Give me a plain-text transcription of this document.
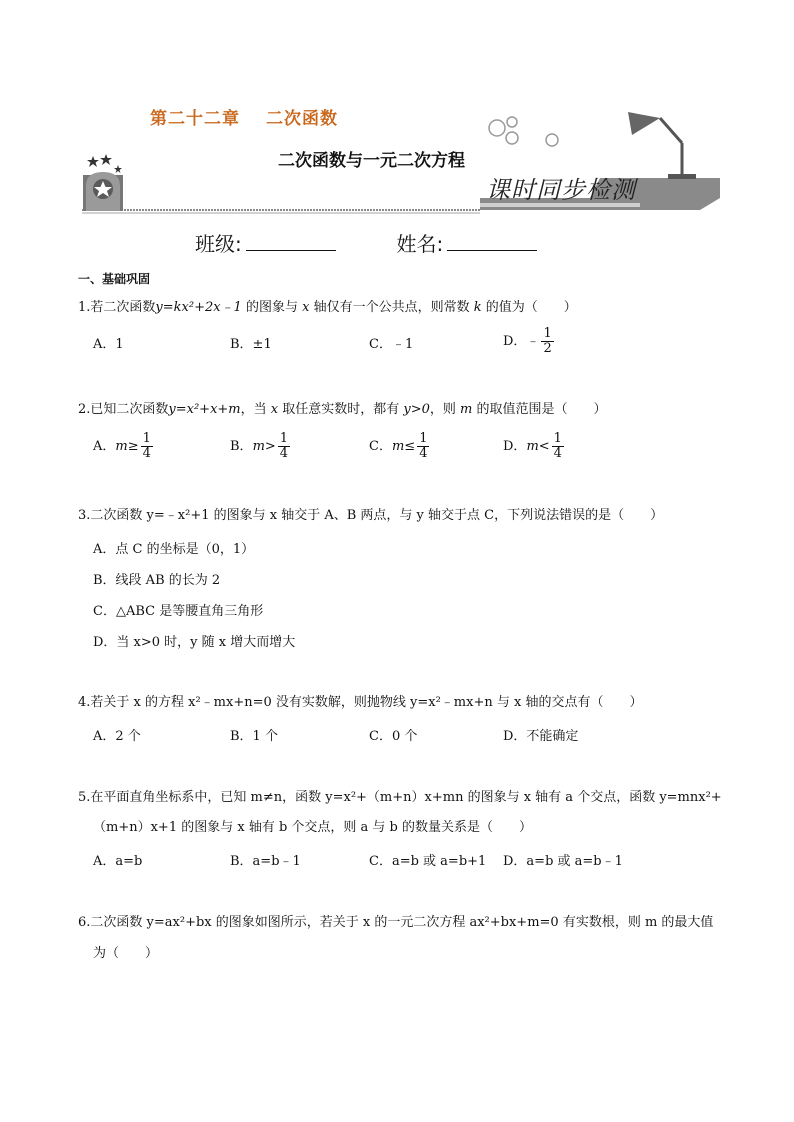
第二十二章 二次函数
二次函数与一元二次方程
课时同步检测
班级:	姓名:
一、基础巩固
1.若二次函数y=kx²+2x﹣1 的图象与 x 轴仅有一个公共点，则常数 k 的值为（　　）
A．1	B．±1	C．﹣1	D．﹣ $\frac{1}{2}$
2.已知二次函数y=x²+x+m，当 x 取任意实数时，都有 y>0，则 m 的取值范围是（　　）
A．$m\ge \frac{1}{4}$	B．$m> \frac{1}{4}$	C．$m\le \frac{1}{4}$	D．$m< \frac{1}{4}$
3.二次函数 y=﹣x²+1 的图象与 x 轴交于 A、B 两点，与 y 轴交于点 C，下列说法错误的是（　　）
A．点 C 的坐标是（0，1）
B．线段 AB 的长为 2
C．△ABC 是等腰直角三角形
D．当 x>0 时，y 随 x 增大而增大
4.若关于 x 的方程 x²﹣mx+n=0 没有实数解，则抛物线 y=x²﹣mx+n 与 x 轴的交点有（　　）
A．2 个	B．1 个	C．0 个	D．不能确定
5.在平面直角坐标系中，已知 m≠n，函数 y=x²+（m+n）x+mn 的图象与 x 轴有 a 个交点，函数 y=mnx²+
（m+n）x+1 的图象与 x 轴有 b 个交点，则 a 与 b 的数量关系是（　　）
A．a=b	B．a=b﹣1	C．a=b 或 a=b+1 D．a=b 或 a=b﹣1
6.二次函数 y=ax²+bx 的图象如图所示，若关于 x 的一元二次方程 ax²+bx+m=0 有实数根，则 m 的最大值
为（　　）
